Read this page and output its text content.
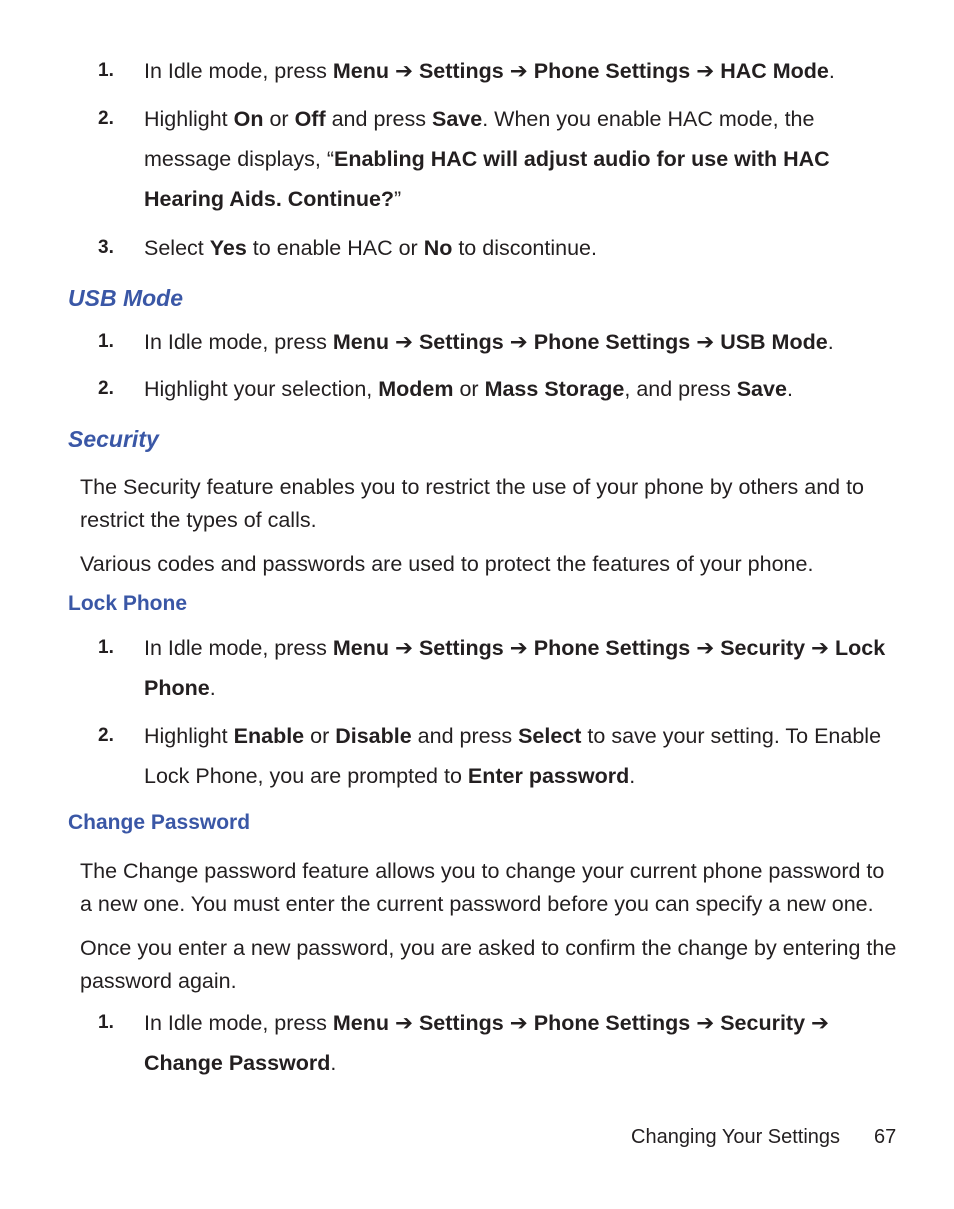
1. In Idle mode, press Menu ➔ Settings ➔ Phone Settings ➔ HAC Mode.
2. Highlight On or Off and press Save. When you enable HAC mode, the message displays, “Enabling HAC will adjust audio for use with HAC Hearing Aids. Continue?”
3. Select Yes to enable HAC or No to discontinue.
USB Mode
1. In Idle mode, press Menu ➔ Settings ➔ Phone Settings ➔ USB Mode.
2. Highlight your selection, Modem or Mass Storage, and press Save.
Security
The Security feature enables you to restrict the use of your phone by others and to restrict the types of calls.
Various codes and passwords are used to protect the features of your phone.
Lock Phone
1. In Idle mode, press Menu ➔ Settings ➔ Phone Settings ➔ Security ➔ Lock Phone.
2. Highlight Enable or Disable and press Select to save your setting. To Enable Lock Phone, you are prompted to Enter password.
Change Password
The Change password feature allows you to change your current phone password to a new one. You must enter the current password before you can specify a new one.
Once you enter a new password, you are asked to confirm the change by entering the password again.
1. In Idle mode, press Menu ➔ Settings ➔ Phone Settings ➔ Security ➔ Change Password.
Changing Your Settings 67
